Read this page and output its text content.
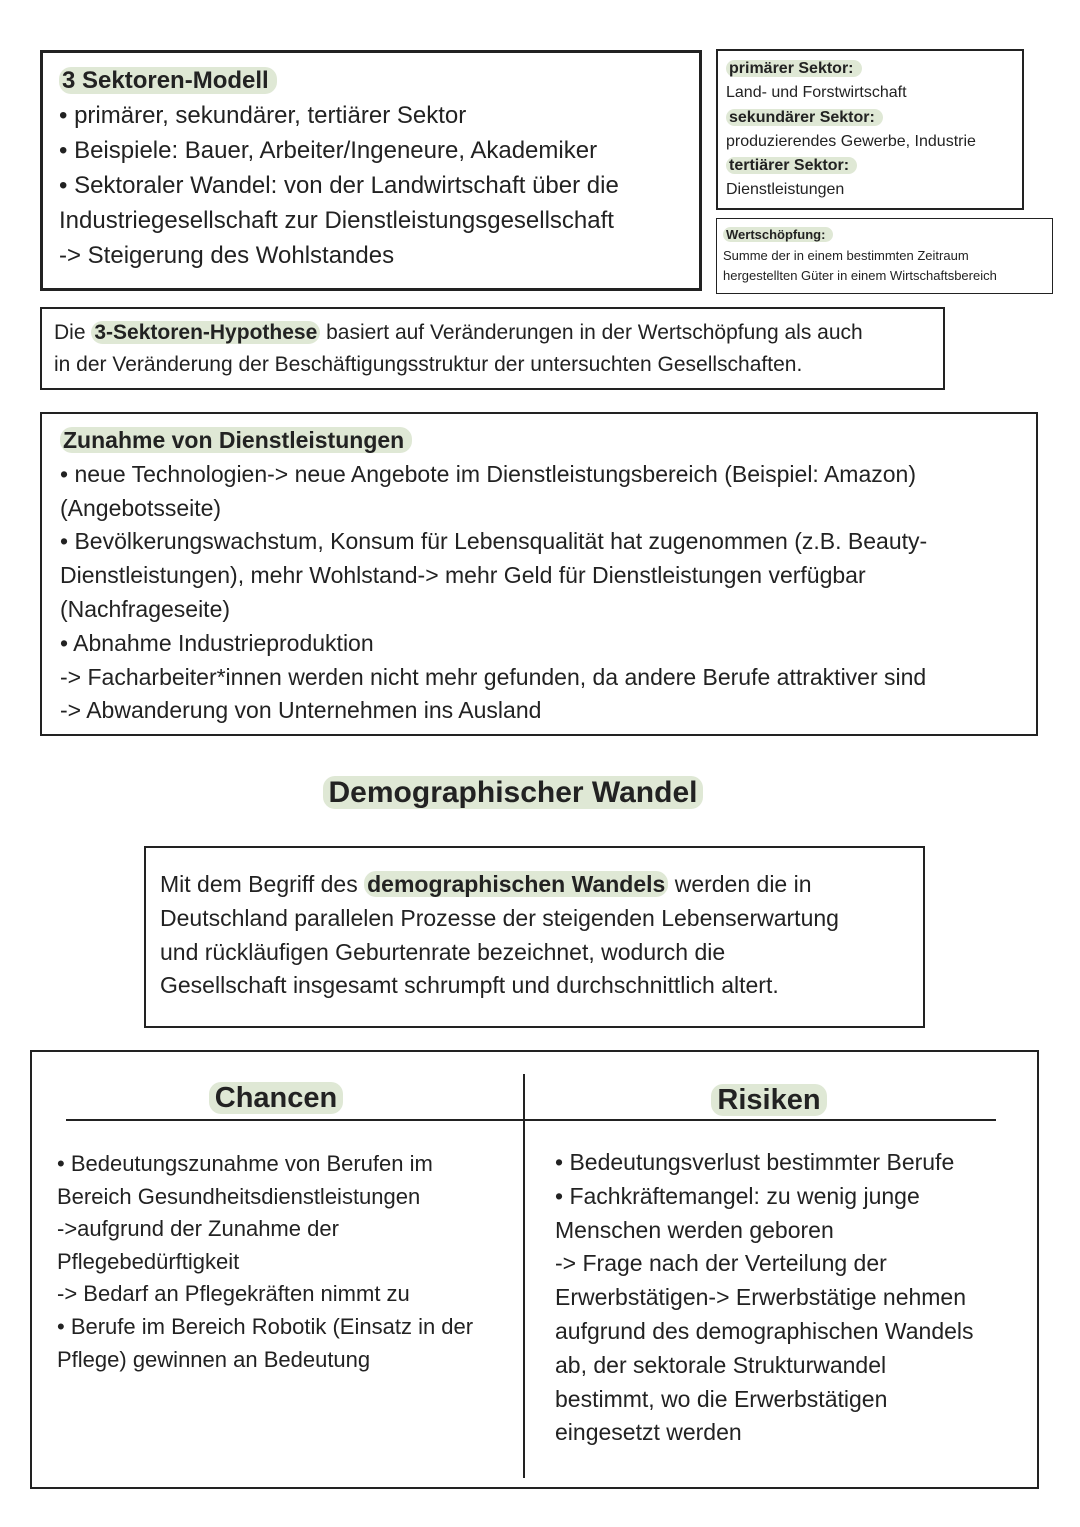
3 Sektoren-Modell
• primärer, sekundärer, tertiärer Sektor
• Beispiele: Bauer, Arbeiter/Ingeneure, Akademiker
• Sektoraler Wandel: von der Landwirtschaft über die
Industriegesellschaft zur Dienstleistungsgesellschaft
-> Steigerung des Wohlstandes
primärer Sektor:
Land- und Forstwirtschaft
sekundärer Sektor:
produzierendes Gewerbe, Industrie
tertiärer Sektor:
Dienstleistungen
Wertschöpfung:
Summe der in einem bestimmten Zeitraum
hergestellten Güter in einem Wirtschaftsbereich
Die 3-Sektoren-Hypothese basiert auf Veränderungen in der Wertschöpfung als auch
in der Veränderung der Beschäftigungsstruktur der untersuchten Gesellschaften.
Zunahme von Dienstleistungen
• neue Technologien-> neue Angebote im Dienstleistungsbereich (Beispiel: Amazon)
(Angebotsseite)
• Bevölkerungswachstum, Konsum für Lebensqualität hat zugenommen (z.B. Beauty-
Dienstleistungen), mehr Wohlstand-> mehr Geld für Dienstleistungen verfügbar
(Nachfrageseite)
• Abnahme Industrieproduktion
-> Facharbeiter*innen werden nicht mehr gefunden, da andere Berufe attraktiver sind
-> Abwanderung von Unternehmen ins Ausland
Demographischer Wandel
Mit dem Begriff des demographischen Wandels werden die in
Deutschland parallelen Prozesse der steigenden Lebenserwartung
und rückläufigen Geburtenrate bezeichnet, wodurch die
Gesellschaft insgesamt schrumpft und durchschnittlich altert.
Chancen	Risiken
• Bedeutungszunahme von Berufen im
Bereich Gesundheitsdienstleistungen
->aufgrund der Zunahme der
Pflegebedürftigkeit
-> Bedarf an Pflegekräften nimmt zu
• Berufe im Bereich Robotik (Einsatz in der
Pflege) gewinnen an Bedeutung
• Bedeutungsverlust bestimmter Berufe
• Fachkräftemangel: zu wenig junge
Menschen werden geboren
-> Frage nach der Verteilung der
Erwerbstätigen-> Erwerbstätige nehmen
aufgrund des demographischen Wandels
ab, der sektorale Strukturwandel
bestimmt, wo die Erwerbstätigen
eingesetzt werden
